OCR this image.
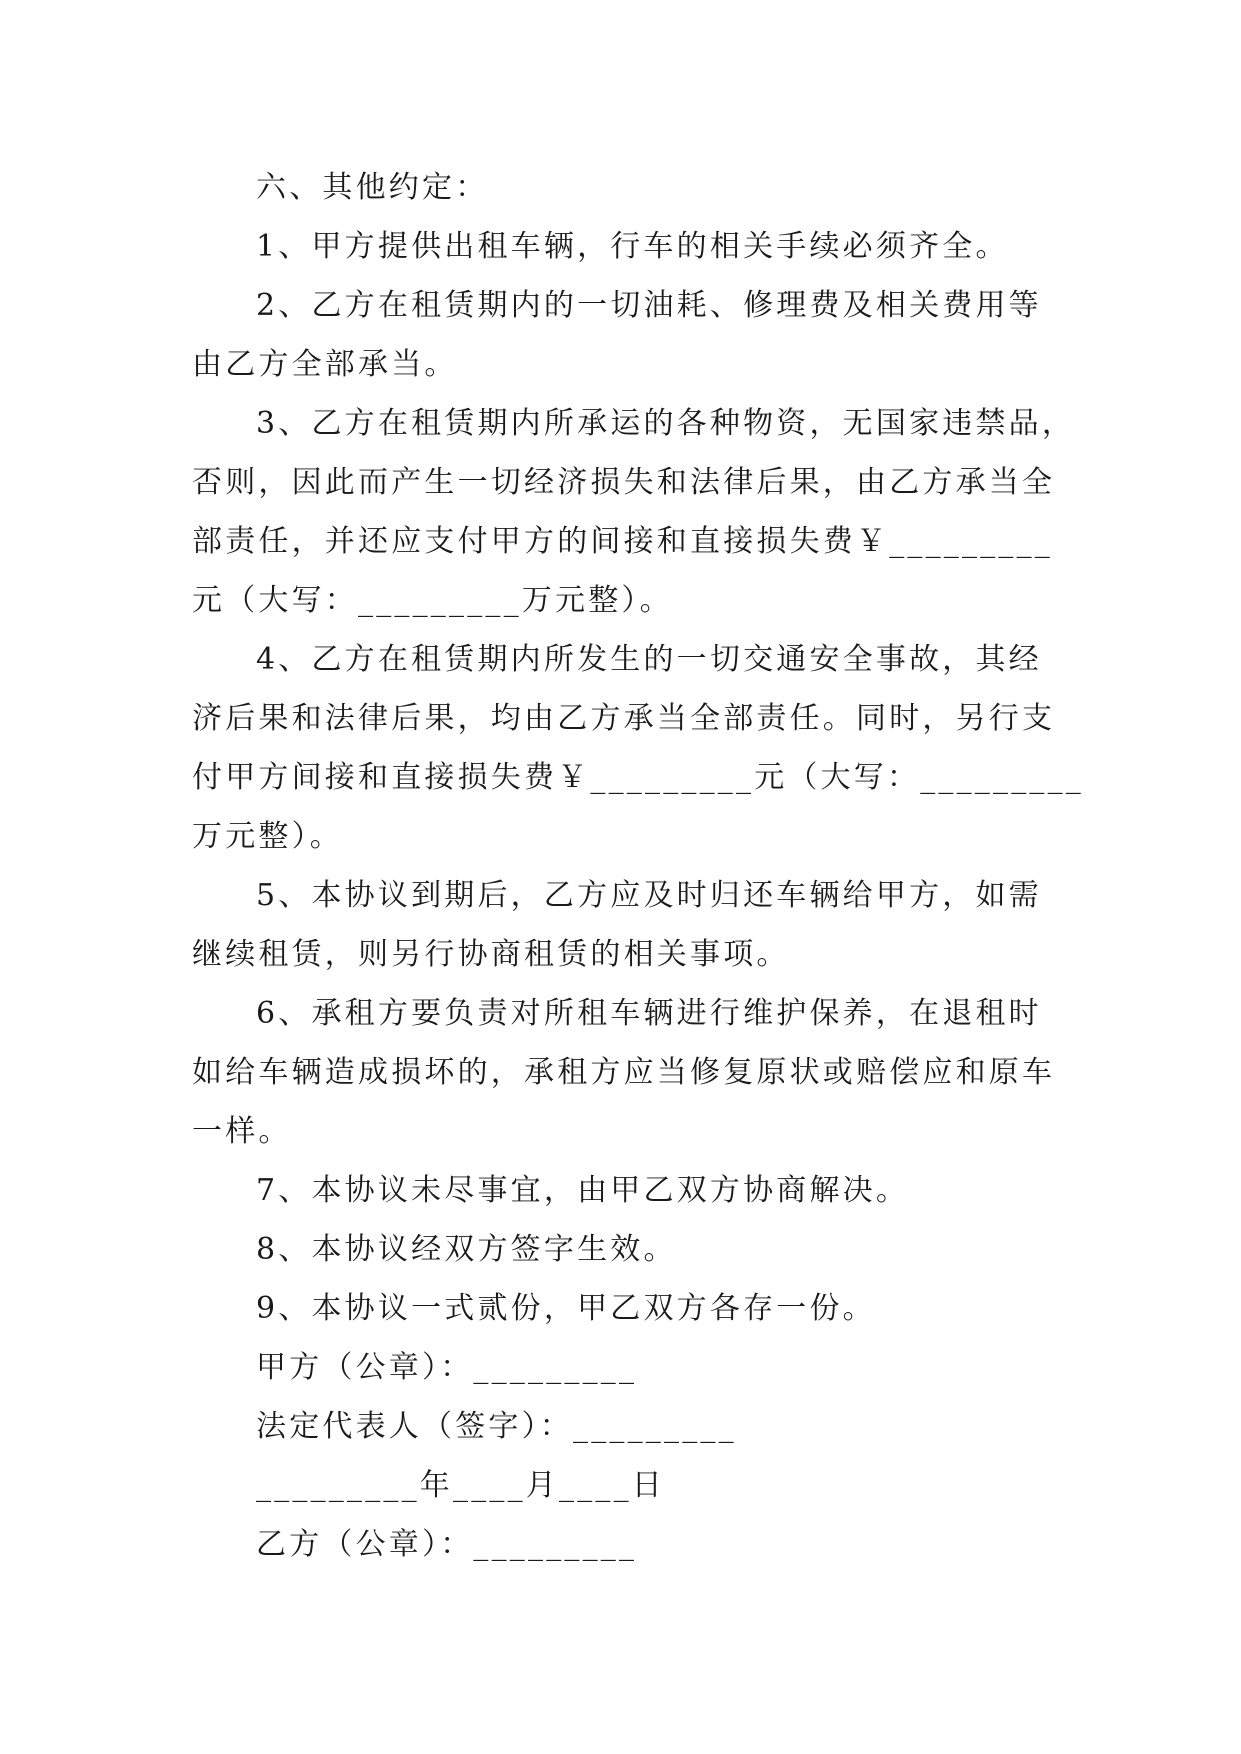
六、其他约定：
1、甲方提供出租车辆，行车的相关手续必须齐全。
2、乙方在租赁期内的一切油耗、修理费及相关费用等
由乙方全部承当。
3、乙方在租赁期内所承运的各种物资，无国家违禁品，
否则，因此而产生一切经济损失和法律后果，由乙方承当全
部责任，并还应支付甲方的间接和直接损失费￥_________
元（大写：_________万元整）。
4、乙方在租赁期内所发生的一切交通安全事故，其经
济后果和法律后果，均由乙方承当全部责任。同时，另行支
付甲方间接和直接损失费￥_________元（大写：_________
万元整）。
5、本协议到期后，乙方应及时归还车辆给甲方，如需
继续租赁，则另行协商租赁的相关事项。
6、承租方要负责对所租车辆进行维护保养，在退租时
如给车辆造成损坏的，承租方应当修复原状或赔偿应和原车
一样。
7、本协议未尽事宜，由甲乙双方协商解决。
8、本协议经双方签字生效。
9、本协议一式贰份，甲乙双方各存一份。
甲方（公章）：_________
法定代表人（签字）：_________
_________年____月____日
乙方（公章）：_________
